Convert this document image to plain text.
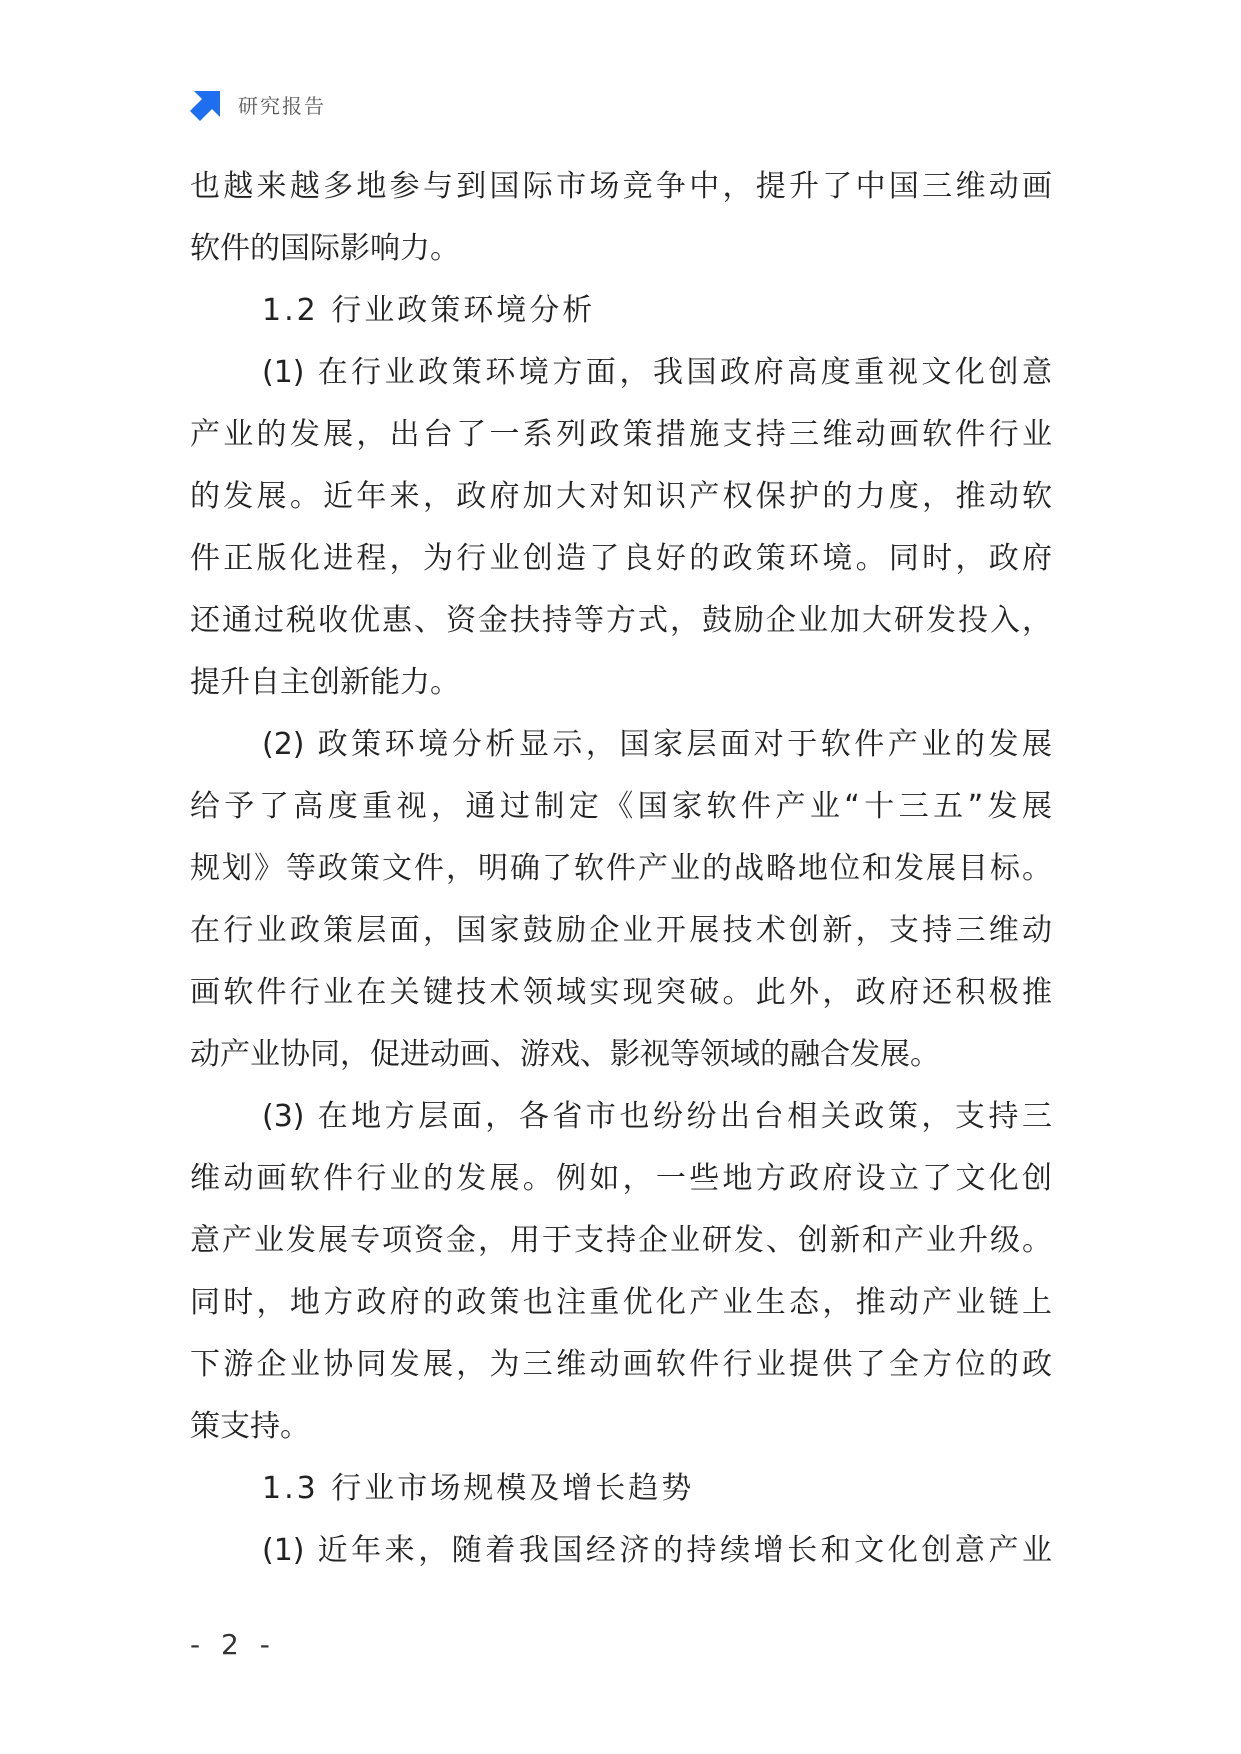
研究报告
也越来越多地参与到国际市场竞争中，提升了中国三维动画
软件的国际影响力。
1.2 行业政策环境分析
(1) 在行业政策环境方面，我国政府高度重视文化创意
产业的发展，出台了一系列政策措施支持三维动画软件行业
的发展。近年来，政府加大对知识产权保护的力度，推动软
件正版化进程，为行业创造了良好的政策环境。同时，政府
还通过税收优惠、资金扶持等方式，鼓励企业加大研发投入，
提升自主创新能力。
(2) 政策环境分析显示，国家层面对于软件产业的发展
给予了高度重视，通过制定《国家软件产业“十三五”发展
规划》等政策文件，明确了软件产业的战略地位和发展目标。
在行业政策层面，国家鼓励企业开展技术创新，支持三维动
画软件行业在关键技术领域实现突破。此外，政府还积极推
动产业协同，促进动画、游戏、影视等领域的融合发展。
(3) 在地方层面，各省市也纷纷出台相关政策，支持三
维动画软件行业的发展。例如，一些地方政府设立了文化创
意产业发展专项资金，用于支持企业研发、创新和产业升级。
同时，地方政府的政策也注重优化产业生态，推动产业链上
下游企业协同发展，为三维动画软件行业提供了全方位的政
策支持。
1.3 行业市场规模及增长趋势
(1) 近年来，随着我国经济的持续增长和文化创意产业
- 2 -
